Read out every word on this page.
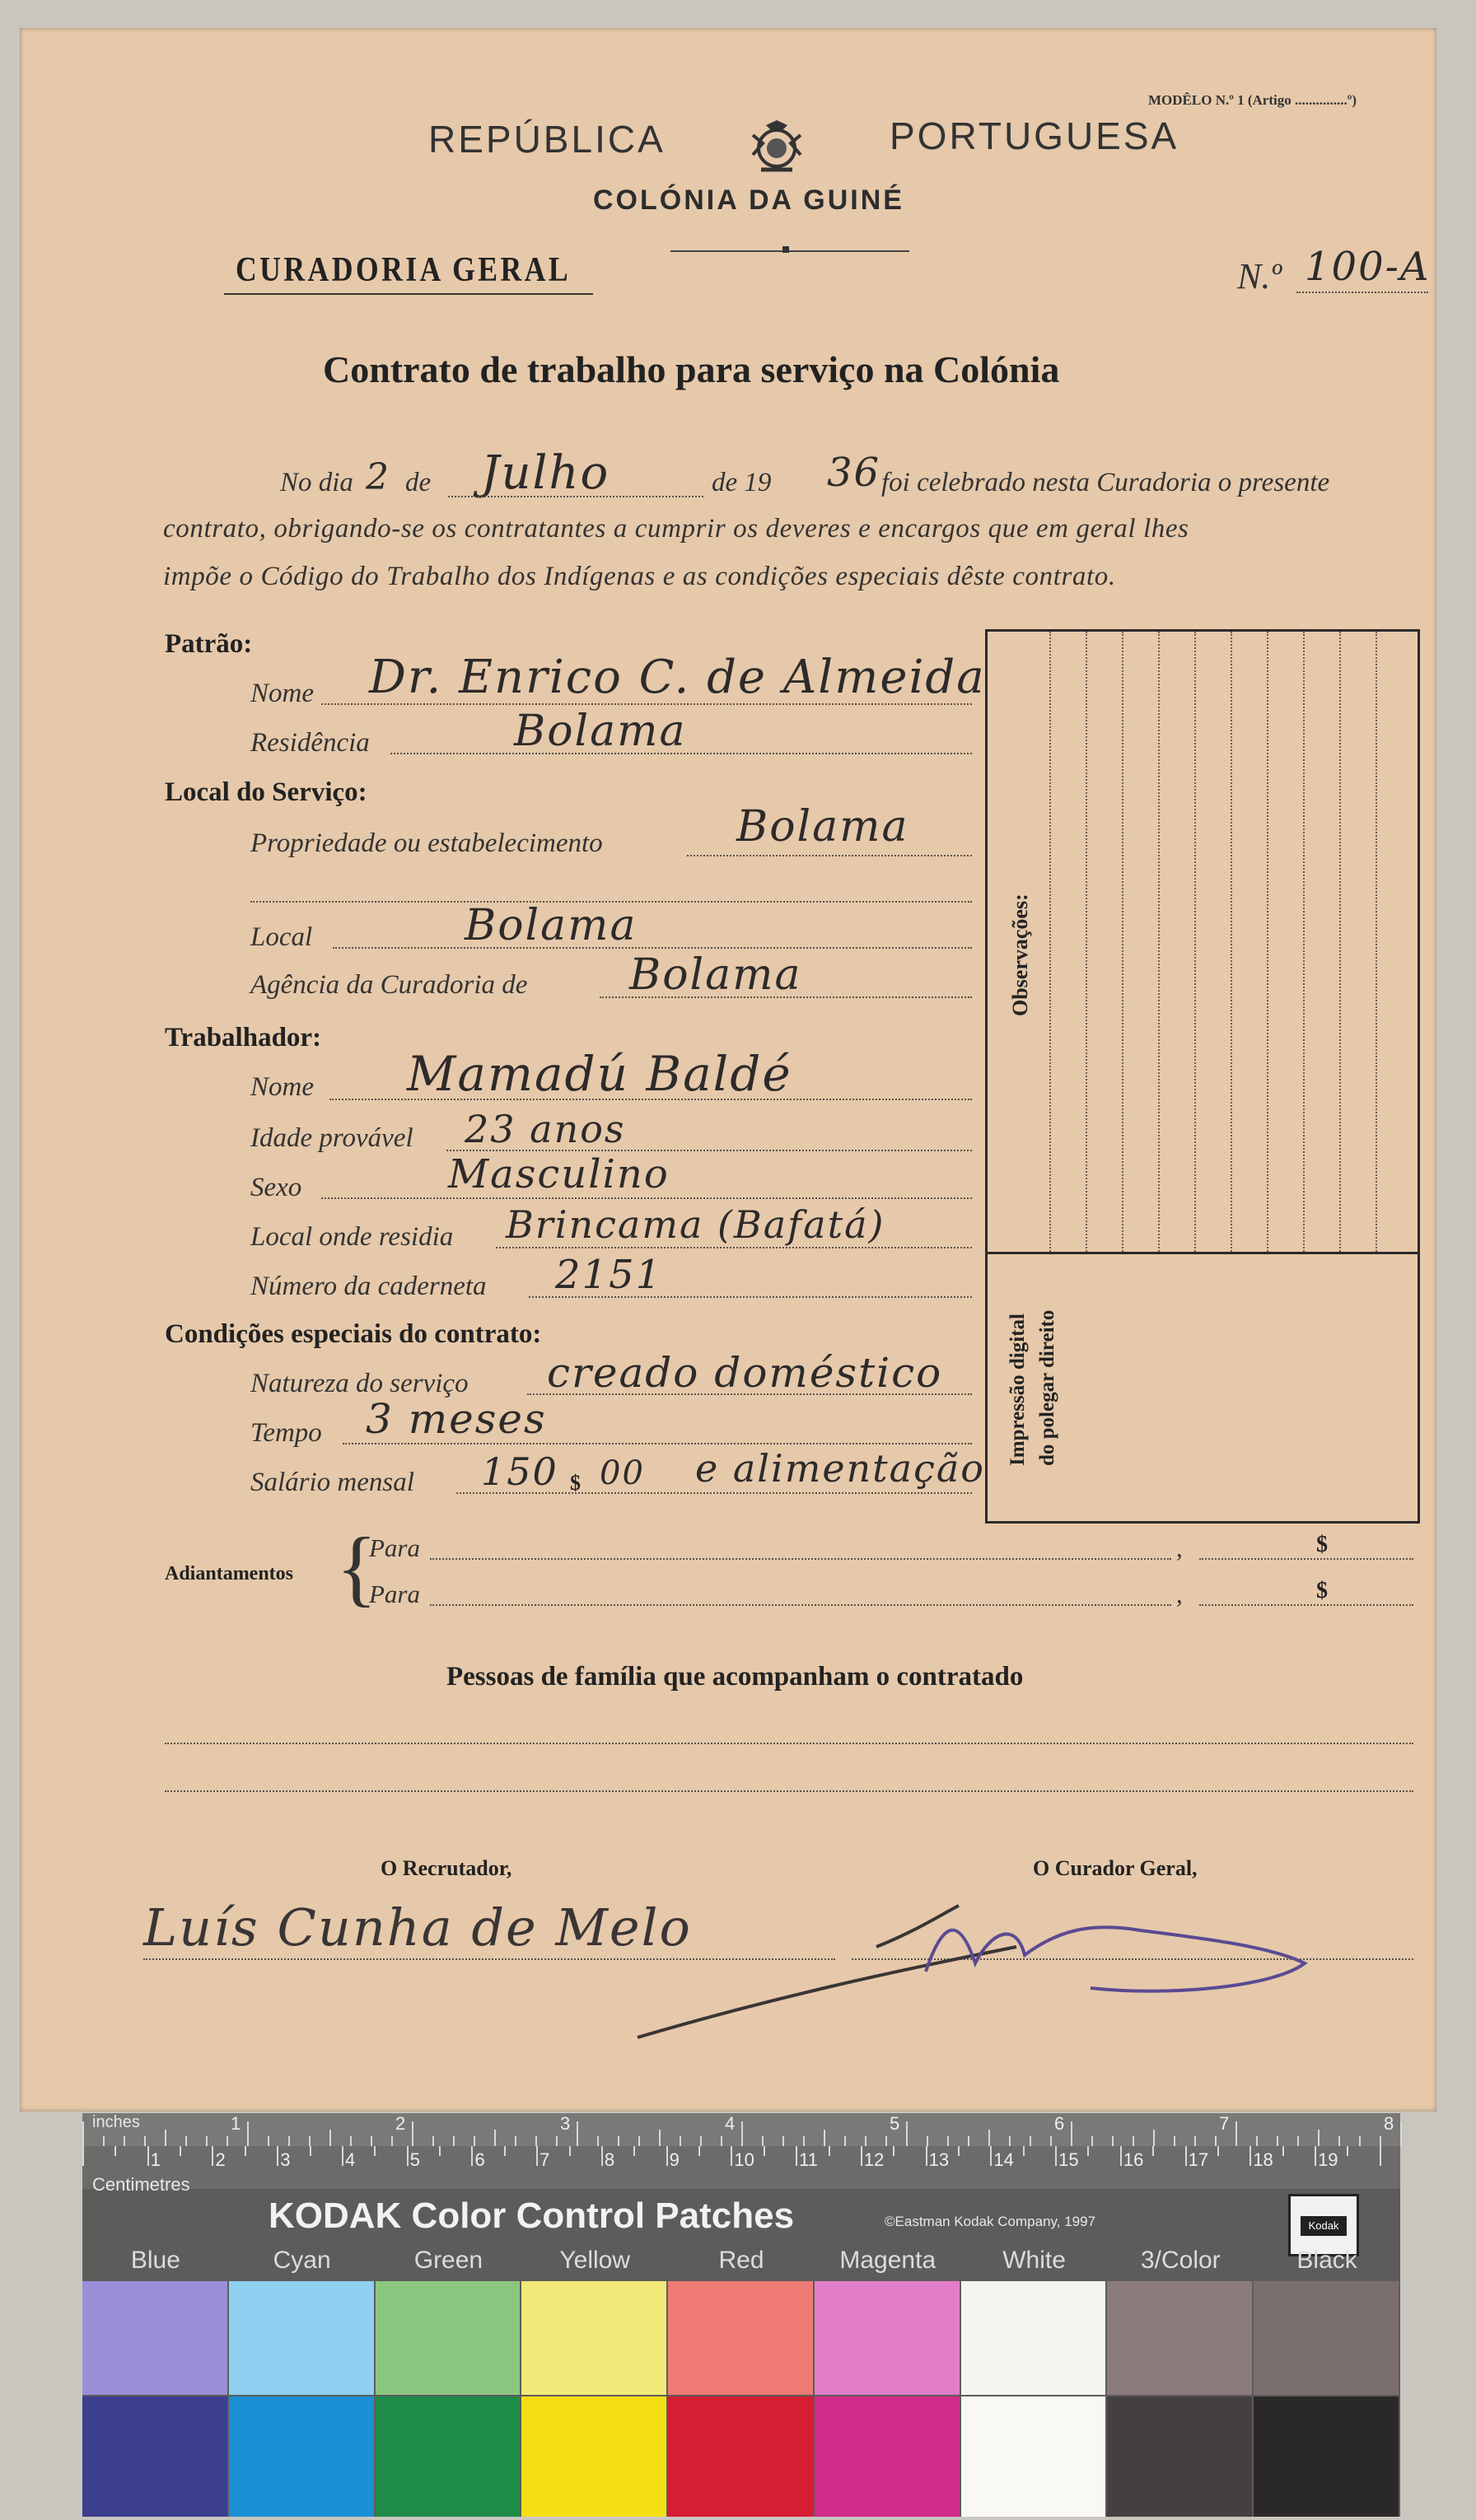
MODÊLO N.º 1 (Artigo ...............º)
REPÚBLICA	PORTUGUESA
COLÓNIA DA GUINÉ
CURADORIA GERAL	N.º 100-A
Contrato de trabalho para serviço na Colónia
No dia 2 de Julho	de 19 36 foi celebrado nesta Curadoria o presente
contrato, obrigando-se os contratantes a cumprir os deveres e encargos que em geral lhes
impõe o Código do Trabalho dos Indígenas e as condições especiais dêste contrato.
Patrão:
Nome Dr. Enrico C. de Almeida
Residência	Bolama
Local do Serviço:
Propriedade ou estabelecimento	Bolama
Local	Bolama
Agência da Curadoria de Bolama
Trabalhador:
Nome Mamadú Baldé
Idade provável 23 anos
Sexo	Masculino
Local onde residia Brincama (Bafatá)
Número da caderneta 2151
Condições especiais do contrato:
Natureza do serviço creado doméstico
Tempo 3 meses
Salário mensal 150 $ 00 e alimentação
Observações:
Impressão digital do polegar direito
Adiantamentos {
Para	,	$
Para	,	$
Pessoas de família que acompanham o contratado
O Recrutador,	O Curador Geral,
Luís Cunha de Melo
1	2	3	4	5	6	7	8
1	2	3	4	5	6	7	8	9	10 11	12 13 14 15 16 17 18 19
inches
Centimetres
KODAK Color Control Patches	©Eastman Kodak Company, 1997	Kodak
Blue	Cyan	Green	Yellow	Red	Magenta	White	3/Color	Black
